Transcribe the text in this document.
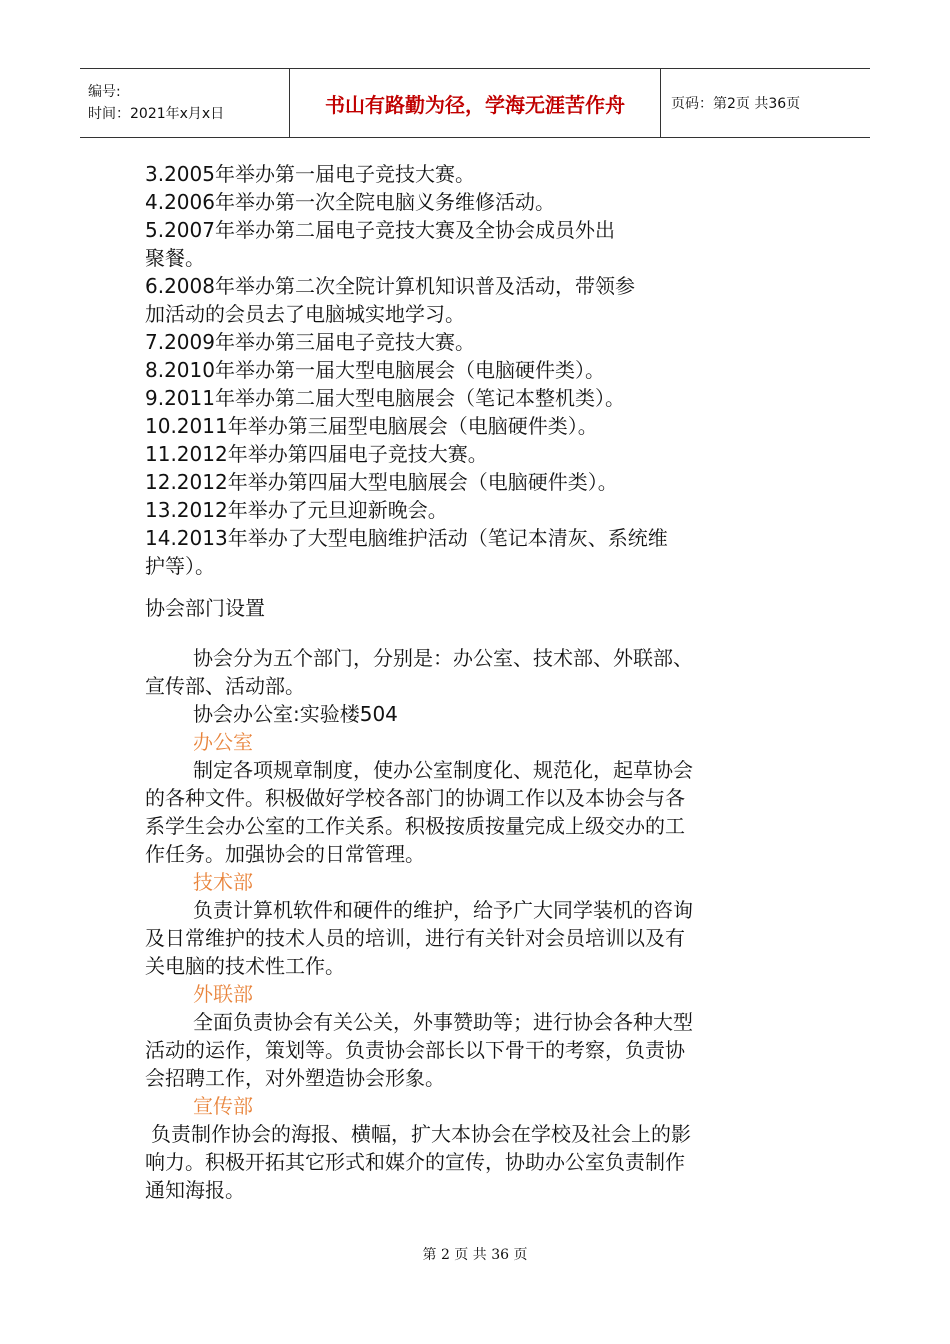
编号:
时间：2021年x月x日	书山有路勤为径，学海无涯苦作舟	页码：第2页 共36页
3.2005年举办第一届电子竞技大赛。
4.2006年举办第一次全院电脑义务维修活动。
5.2007年举办第二届电子竞技大赛及全协会成员外出
聚餐。
6.2008年举办第二次全院计算机知识普及活动，带领参
加活动的会员去了电脑城实地学习。
7.2009年举办第三届电子竞技大赛。
8.2010年举办第一届大型电脑展会（电脑硬件类）。
9.2011年举办第二届大型电脑展会（笔记本整机类）。
10.2011年举办第三届型电脑展会（电脑硬件类）。
11.2012年举办第四届电子竞技大赛。
12.2012年举办第四届大型电脑展会（电脑硬件类）。
13.2012年举办了元旦迎新晚会。
14.2013年举办了大型电脑维护活动（笔记本清灰、系统维
护等）。
协会部门设置
协会分为五个部门，分别是：办公室、技术部、外联部、
宣传部、活动部。
协会办公室:实验楼504
办公室
制定各项规章制度，使办公室制度化、规范化，起草协会
的各种文件。积极做好学校各部门的协调工作以及本协会与各
系学生会办公室的工作关系。积极按质按量完成上级交办的工
作任务。加强协会的日常管理。
技术部
负责计算机软件和硬件的维护，给予广大同学装机的咨询
及日常维护的技术人员的培训，进行有关针对会员培训以及有
关电脑的技术性工作。
外联部
全面负责协会有关公关，外事赞助等；进行协会各种大型
活动的运作，策划等。负责协会部长以下骨干的考察，负责协
会招聘工作，对外塑造协会形象。
宣传部
负责制作协会的海报、横幅，扩大本协会在学校及社会上的影
响力。积极开拓其它形式和媒介的宣传，协助办公室负责制作
通知海报。
第 2 页 共 36 页
